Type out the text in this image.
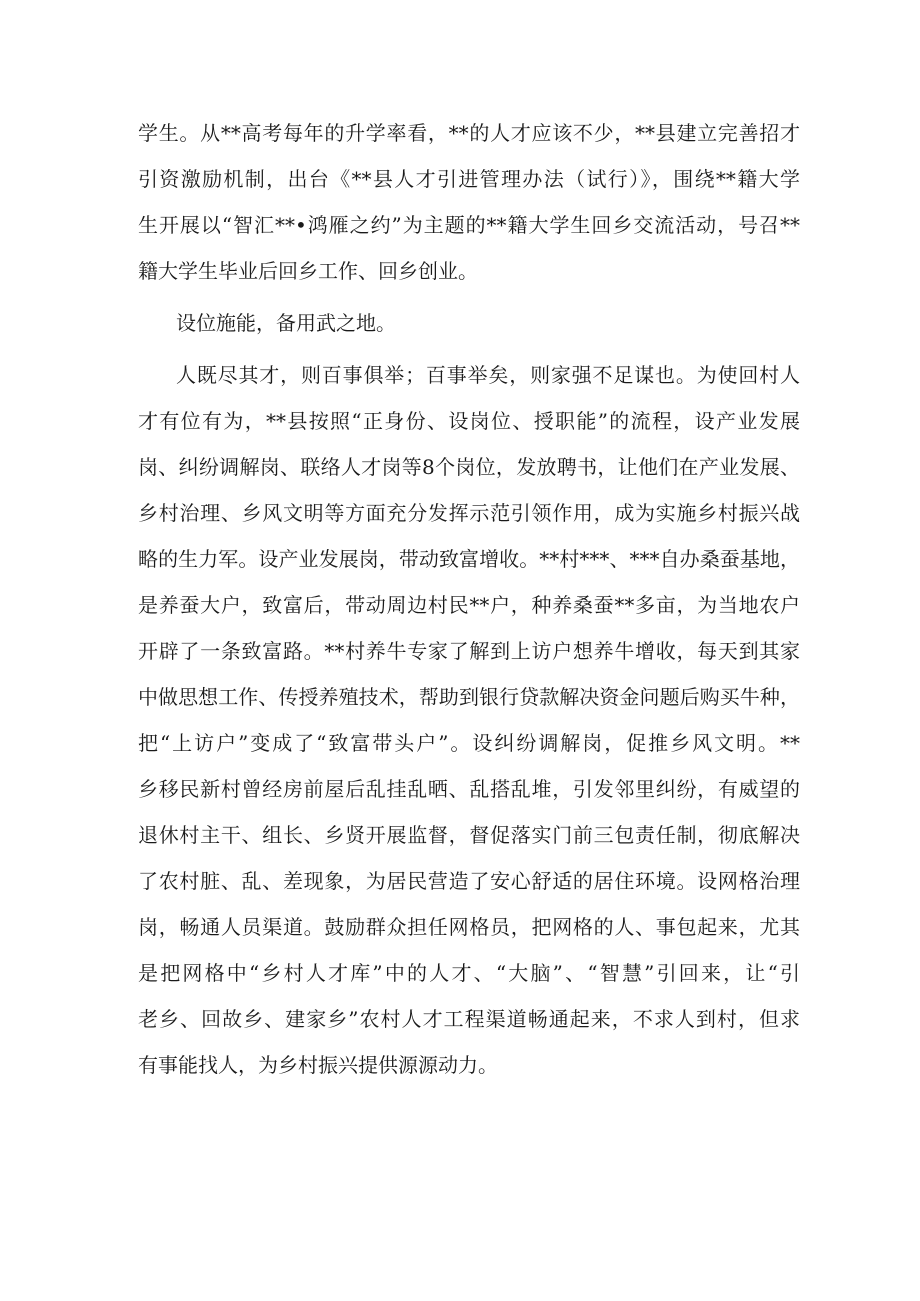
学生。从**高考每年的升学率看，**的人才应该不少，**县建立完善招才
引资激励机制，出台《**县人才引进管理办法（试行）》，围绕**籍大学
生开展以“智汇**•鸿雁之约”为主题的**籍大学生回乡交流活动，号召**
籍大学生毕业后回乡工作、回乡创业。
设位施能，备用武之地。
人既尽其才，则百事俱举；百事举矣，则家强不足谋也。为使回村人
才有位有为，**县按照“正身份、设岗位、授职能”的流程，设产业发展
岗、纠纷调解岗、联络人才岗等8个岗位，发放聘书，让他们在产业发展、
乡村治理、乡风文明等方面充分发挥示范引领作用，成为实施乡村振兴战
略的生力军。设产业发展岗，带动致富增收。**村***、***自办桑蚕基地，
是养蚕大户，致富后，带动周边村民**户，种养桑蚕**多亩，为当地农户
开辟了一条致富路。**村养牛专家了解到上访户想养牛增收，每天到其家
中做思想工作、传授养殖技术，帮助到银行贷款解决资金问题后购买牛种，
把“上访户”变成了“致富带头户”。设纠纷调解岗，促推乡风文明。**
乡移民新村曾经房前屋后乱挂乱晒、乱搭乱堆，引发邻里纠纷，有威望的
退休村主干、组长、乡贤开展监督，督促落实门前三包责任制，彻底解决
了农村脏、乱、差现象，为居民营造了安心舒适的居住环境。设网格治理
岗，畅通人员渠道。鼓励群众担任网格员，把网格的人、事包起来，尤其
是把网格中“乡村人才库”中的人才、“大脑”、“智慧”引回来，让“引
老乡、回故乡、建家乡”农村人才工程渠道畅通起来，不求人到村，但求
有事能找人，为乡村振兴提供源源动力。
